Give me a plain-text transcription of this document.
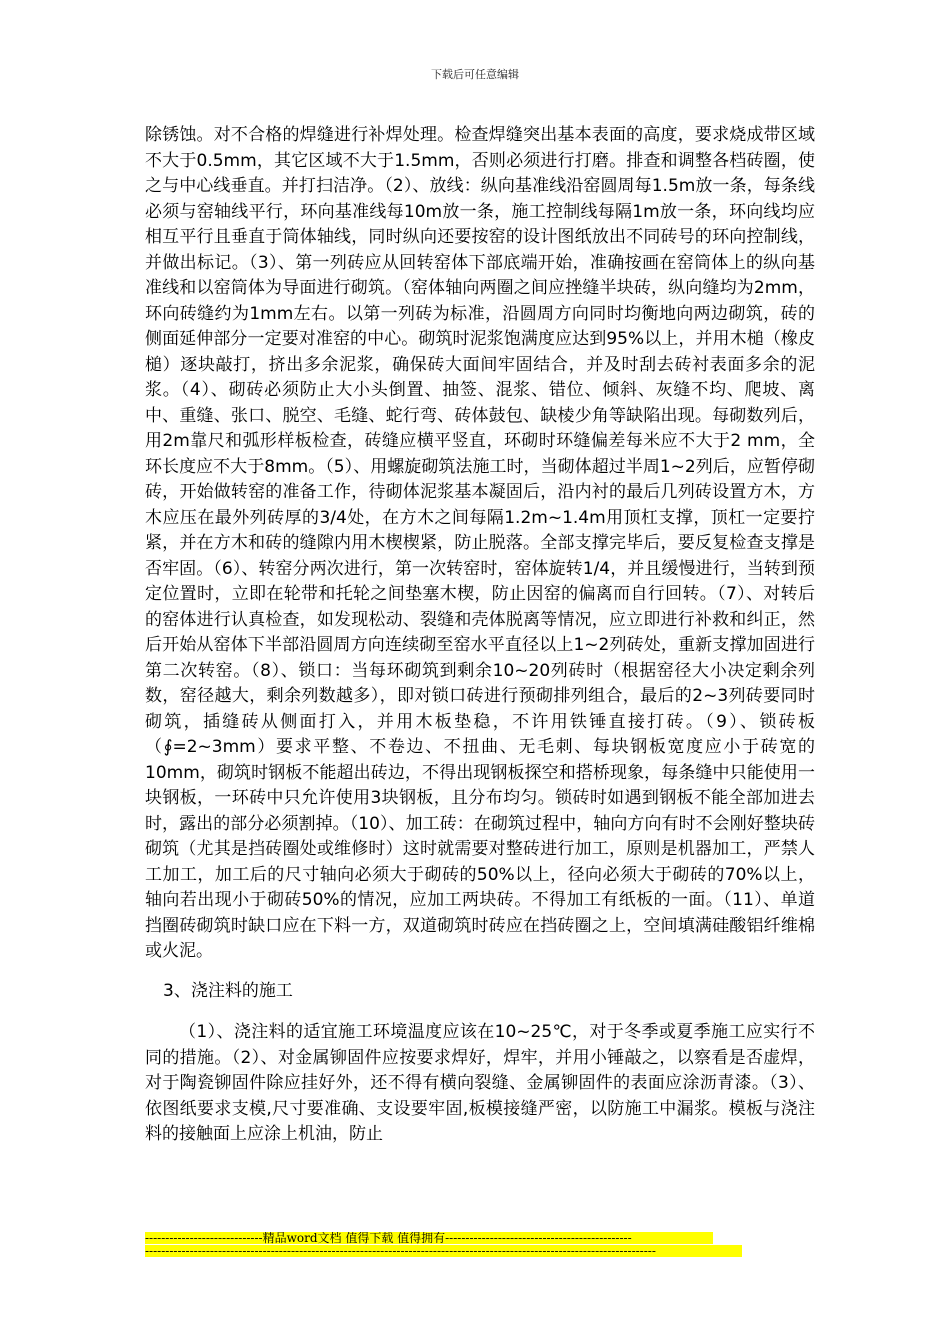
下载后可任意编辑

除锈蚀。对不合格的焊缝进行补焊处理。检查焊缝突出基本表面的高度，要求烧成带区域不大于0.5mm，其它区域不大于1.5mm，否则必须进行打磨。排查和调整各档砖圈，使之与中心线垂直。并打扫洁净。（2）、放线：纵向基准线沿窑圆周每1.5m放一条，每条线必须与窑轴线平行，环向基准线每10m放一条，施工控制线每隔1m放一条，环向线均应相互平行且垂直于筒体轴线，同时纵向还要按窑的设计图纸放出不同砖号的环向控制线，并做出标记。（3）、第一列砖应从回转窑体下部底端开始，准确按画在窑筒体上的纵向基准线和以窑筒体为导面进行砌筑。（窑体轴向两圈之间应挫缝半块砖，纵向缝均为2mm，环向砖缝约为1mm左右。以第一列砖为标准，沿圆周方向同时均衡地向两边砌筑，砖的侧面延伸部分一定要对准窑的中心。砌筑时泥浆饱满度应达到95%以上，并用木槌（橡皮槌）逐块敲打，挤出多余泥浆，确保砖大面间牢固结合，并及时刮去砖衬表面多余的泥浆。（4）、砌砖必须防止大小头倒置、抽签、混浆、错位、倾斜、灰缝不均、爬坡、离中、重缝、张口、脱空、毛缝、蛇行弯、砖体鼓包、缺棱少角等缺陷出现。每砌数列后，用2m靠尺和弧形样板检查，砖缝应横平竖直，环砌时环缝偏差每米应不大于2 mm，全环长度应不大于8mm。（5）、用螺旋砌筑法施工时，当砌体超过半周1~2列后，应暂停砌砖，开始做转窑的准备工作，待砌体泥浆基本凝固后，沿内衬的最后几列砖设置方木，方木应压在最外列砖厚的3/4处，在方木之间每隔1.2m~1.4m用顶杠支撑，顶杠一定要拧紧，并在方木和砖的缝隙内用木楔楔紧，防止脱落。全部支撑完毕后，要反复检查支撑是否牢固。（6）、转窑分两次进行，第一次转窑时，窑体旋转1/4，并且缓慢进行，当转到预定位置时，立即在轮带和托轮之间垫塞木楔，防止因窑的偏离而自行回转。（7）、对转后的窑体进行认真检查，如发现松动、裂缝和壳体脱离等情况，应立即进行补救和纠正，然后开始从窑体下半部沿圆周方向连续砌至窑水平直径以上1~2列砖处，重新支撑加固进行第二次转窑。（8）、锁口：当每环砌筑到剩余10~20列砖时（根据窑径大小决定剩余列数，窑径越大，剩余列数越多），即对锁口砖进行预砌排列组合，最后的2~3列砖要同时砌筑，插缝砖从侧面打入，并用木板垫稳，不许用铁锤直接打砖。（9）、锁砖板（∮=2~3mm）要求平整、不卷边、不扭曲、无毛刺、每块钢板宽度应小于砖宽的10mm，砌筑时钢板不能超出砖边，不得出现钢板探空和搭桥现象，每条缝中只能使用一块钢板，一环砖中只允许使用3块钢板，且分布均匀。锁砖时如遇到钢板不能全部加进去时，露出的部分必须割掉。（10）、加工砖：在砌筑过程中，轴向方向有时不会刚好整块砖砌筑（尤其是挡砖圈处或维修时）这时就需要对整砖进行加工，原则是机器加工，严禁人工加工，加工后的尺寸轴向必须大于砌砖的50%以上，径向必须大于砌砖的70%以上，轴向若出现小于砌砖50%的情况，应加工两块砖。不得加工有纸板的一面。（11）、单道挡圈砖砌筑时缺口应在下料一方，双道砌筑时砖应在挡砖圈之上，空间填满硅酸铝纤维棉或火泥。

3、浇注料的施工

（1）、浇注料的适宜施工环境温度应该在10~25℃，对于冬季或夏季施工应实行不同的措施。（2）、对金属铆固件应按要求焊好，焊牢，并用小锤敲之，以察看是否虚焊，对于陶瓷铆固件除应挂好外，还不得有横向裂缝、金属铆固件的表面应涂沥青漆。（3）、依图纸要求支模,尺寸要准确、支设要牢固,板模接缝严密，以防施工中漏浆。模板与浇注料的接触面上应涂上机油，防止

-----------------------------精品word文档 值得下载 值得拥有----------------------------------------------
------------------------------------------------------------------------------------------------------------------------------
